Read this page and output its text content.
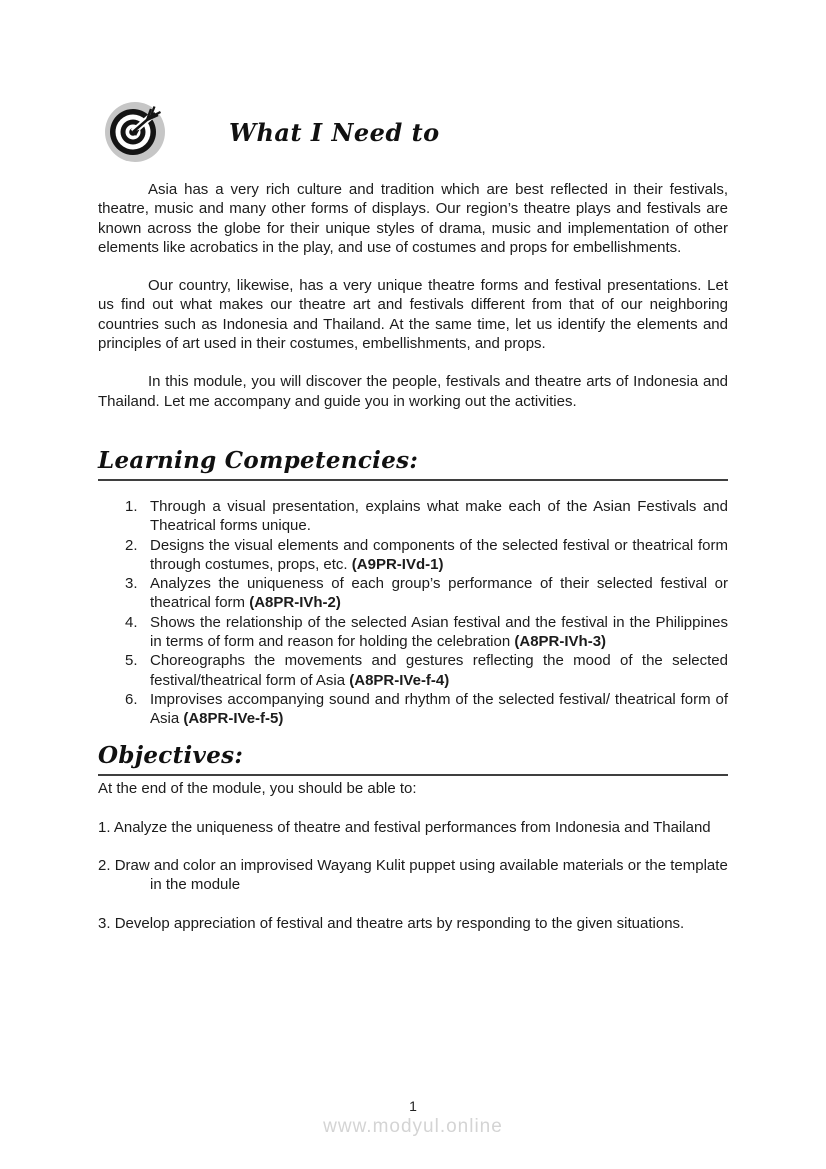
What I Need to

Asia has a very rich culture and tradition which are best reflected in their festivals, theatre, music and many other forms of displays. Our region’s theatre plays and festivals are known across the globe for their unique styles of drama, music and implementation of other elements like acrobatics in the play, and use of costumes and props for embellishments.

Our country, likewise, has a very unique theatre forms and festival presentations. Let us find out what makes our theatre art and festivals different from that of our neighboring countries such as Indonesia and Thailand. At the same time, let us identify the elements and principles of art used in their costumes, embellishments, and props.

In this module, you will discover the people, festivals and theatre arts of Indonesia and Thailand. Let me accompany and guide you in working out the activities.

Learning Competencies:
1. Through a visual presentation, explains what make each of the Asian Festivals and Theatrical forms unique.
2. Designs the visual elements and components of the selected festival or theatrical form through costumes, props, etc. (A9PR-IVd-1)
3. Analyzes the uniqueness of each group’s performance of their selected festival or theatrical form (A8PR-IVh-2)
4. Shows the relationship of the selected Asian festival and the festival in the Philippines in terms of form and reason for holding the celebration (A8PR-IVh-3)
5. Choreographs the movements and gestures reflecting the mood of the selected festival/theatrical form of Asia (A8PR-IVe-f-4)
6. Improvises accompanying sound and rhythm of the selected festival/ theatrical form of Asia (A8PR-IVe-f-5)
Objectives:
At the end of the module, you should be able to:
1. Analyze the uniqueness of theatre and festival performances from Indonesia and Thailand
2. Draw and color an improvised Wayang Kulit puppet using available materials or the template in the module
3. Develop appreciation of festival and theatre arts by responding to the given situations.
1
www.modyul.online
